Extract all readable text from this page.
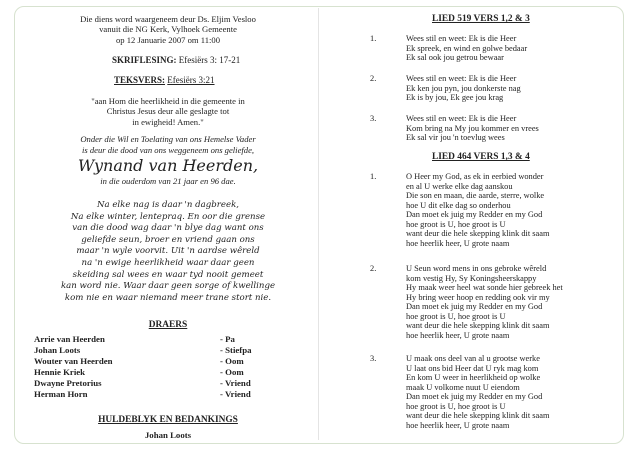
Die diens word waargeneem deur Ds. Eljim Vesloo
vanuit die NG Kerk, Vylhoek Gemeente
op 12 Januarie 2007 om 11:00
SKRIFLESING: Efesiërs 3: 17-21
TEKSVERS: Efesiërs 3:21
"aan Hom die heerlikheid in die gemeente in
Christus Jesus deur alle geslagte tot
in ewigheid! Amen."
Onder die Wil en Toelating van ons Hemelse Vader
is deur die dood van ons weggeneem ons geliefde,
Wynand van Heerden,
in die ouderdom van 21 jaar en 96 dae.
Na elke nag is daar 'n dagbreek,
Na elke winter, lentepraq. En oor die grense
van die dood wag daar 'n blye dag want ons
geliefde seun, broer en vriend gaan ons
maar 'n wyle voorvit. Uit 'n aardse wêreld
na 'n ewige heerlikheid waar daar geen
skeiding sal wees en waar tyd nooit gemeet
kan word nie. Waar daar geen sorge of kwellinge
kom nie en waar niemand meer trane stort nie.
DRAERS
Arrie van Heerden	- Pa
Johan Loots	- Stiefpa
Wouter van Heerden	- Oom
Hennie Kriek	- Oom
Dwayne Pretorius	- Vriend
Herman Horn	- Vriend
HULDEBLYK EN BEDANKINGS
Johan Loots
LIED 519 VERS 1,2 & 3
1.	Wees stil en weet: Ek is die Heer
Ek spreek, en wind en golwe bedaar
Ek sal ook jou getrou bewaar
2.	Wees stil en weet: Ek is die Heer
Ek ken jou pyn, jou donkerste nag
Ek is by jou, Ek gee jou krag
3.	Wees stil en weet: Ek is die Heer
Kom bring na My jou kommer en vrees
Ek sal vir jou 'n toevlug wees
LIED 464 VERS 1,3 & 4
1.	O Heer my God, as ek in eerbied wonder
en al U werke elke dag aanskou
Die son en maan, die aarde, sterre, wolke
hoe U dit elke dag so onderhou
Dan moet ek juig my Redder en my God
hoe groot is U, hoe groot is U
want deur die hele skepping klink dit saam
hoe heerlik heer, U grote naam
2.	U Seun word mens in ons gebroke wêreld
kom vestig Hy, Sy Koningsheerskappy
Hy maak weer heel wat sonde hier gebreek het
Hy bring weer hoop en redding ook vir my
Dan moet ek juig my Redder en my God
hoe groot is U, hoe groot is U
want deur die hele skepping klink dit saam
hoe heerlik heer, U grote naam
3.	U maak ons deel van al u grootse werke
U laat ons bid Heer dat U ryk mag kom
En kom U weer in heerlikheid op wolke
maak U volkome nuut U eiendom
Dan moet ek juig my Redder en my God
hoe groot is U, hoe groot is U
want deur die hele skepping klink dit saam
hoe heerlik heer, U grote naam
